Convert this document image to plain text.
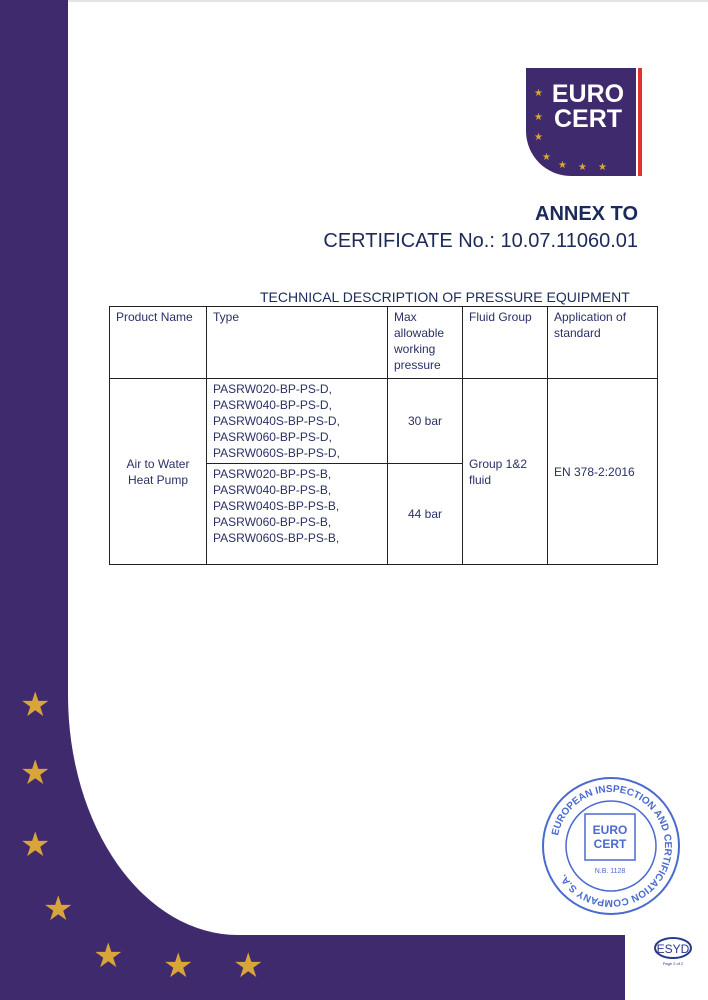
★
★
★
★
★ ★ ★
EURO
CERT
★
★
★
★
★ ★ ★
ANNEX TO
CERTIFICATE No.: 10.07.11060.01
TECHNICAL DESCRIPTION OF PRESSURE EQUIPMENT
Product Name	Type	Max allowable working pressure	Fluid Group	Application of standard
Air to Water Heat Pump	PASRW020-BP-PS-D,
PASRW040-BP-PS-D,
PASRW040S-BP-PS-D,
PASRW060-BP-PS-D,
PASRW060S-BP-PS-D,	30 bar	Group 1&2 fluid	EN 378-2:2016

	PASRW020-BP-PS-B,
PASRW040-BP-PS-B,
PASRW040S-BP-PS-B,
PASRW060-BP-PS-B,
PASRW060S-BP-PS-B,	44 bar		
EUROPEAN INSPECTION AND CERTIFICATION COMPANY S.A.
EURO
CERT
N.B. 1128
ESYD
Page 2 of 2
